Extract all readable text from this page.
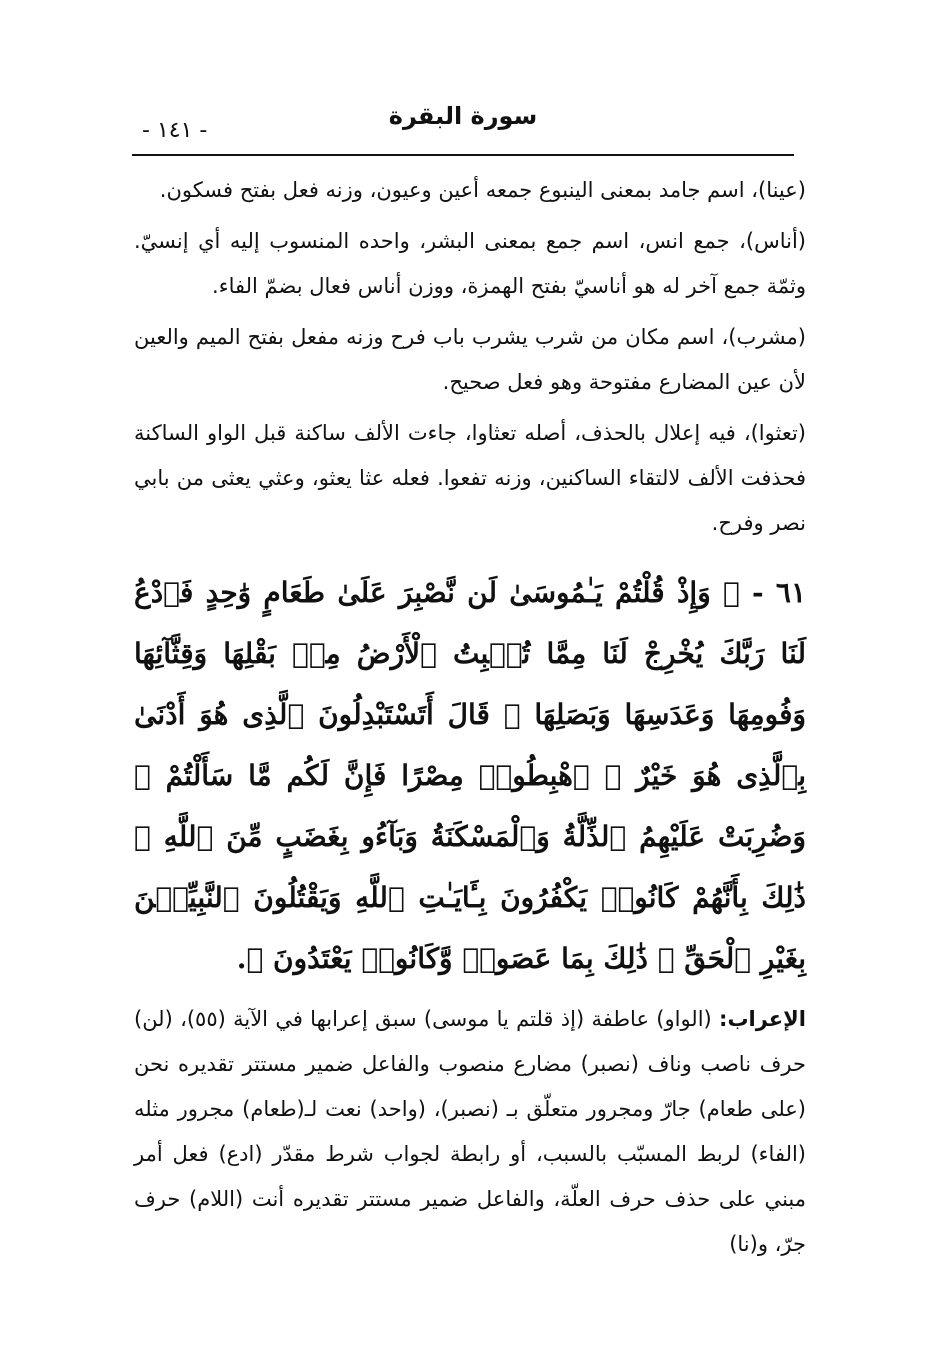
- ١٤١ -
سورة البقرة

(عينا)، اسم جامد بمعنى الينبوع جمعه أعين وعيون، وزنه فعل بفتح فسكون.

(أناس)، جمع انس، اسم جمع بمعنى البشر، واحده المنسوب إليه أي إنسيّ. وثمّة جمع آخر له هو أناسيّ بفتح الهمزة، ووزن أناس فعال بضمّ الفاء.

(مشرب)، اسم مكان من شرب يشرب باب فرح وزنه مفعل بفتح الميم والعين لأن عين المضارع مفتوحة وهو فعل صحيح.

(تعثوا)، فيه إعلال بالحذف، أصله تعثاوا، جاءت الألف ساكنة قبل الواو الساكنة فحذفت الألف لالتقاء الساكنين، وزنه تفعوا. فعله عثا يعثو، وعثي يعثى من بابي نصر وفرح.

٦١ - ﴿ وَإِذْ قُلْتُمْ يَـٰمُوسَىٰ لَن نَّصْبِرَ عَلَىٰ طَعَامٍ وَٰحِدٍ فَٱدْعُ لَنَا رَبَّكَ يُخْرِجْ لَنَا مِمَّا تُنۢبِتُ ٱلْأَرْضُ مِنۢ بَقْلِهَا وَقِثَّآئِهَا وَفُومِهَا وَعَدَسِهَا وَبَصَلِهَا ۖ قَالَ أَتَسْتَبْدِلُونَ ٱلَّذِى هُوَ أَدْنَىٰ بِٱلَّذِى هُوَ خَيْرٌ ۚ ٱهْبِطُوا۟ مِصْرًا فَإِنَّ لَكُم مَّا سَأَلْتُمْ ۗ وَضُرِبَتْ عَلَيْهِمُ ٱلذِّلَّةُ وَٱلْمَسْكَنَةُ وَبَآءُو بِغَضَبٍ مِّنَ ٱللَّهِ ۗ ذَٰلِكَ بِأَنَّهُمْ كَانُوا۟ يَكْفُرُونَ بِـَٔايَـٰتِ ٱللَّهِ وَيَقْتُلُونَ ٱلنَّبِيِّـۧنَ بِغَيْرِ ٱلْحَقِّ ۗ ذَٰلِكَ بِمَا عَصَوا۟ وَّكَانُوا۟ يَعْتَدُونَ ﴾.

الإعراب: (الواو) عاطفة (إذ قلتم يا موسى) سبق إعرابها في الآية (٥٥)، (لن) حرف ناصب وناف (نصبر) مضارع منصوب والفاعل ضمير مستتر تقديره نحن (على طعام) جارّ ومجرور متعلّق بـ (نصبر)، (واحد) نعت لـ(طعام) مجرور مثله (الفاء) لربط المسبّب بالسبب، أو رابطة لجواب شرط مقدّر (ادع) فعل أمر مبني على حذف حرف العلّة، والفاعل ضمير مستتر تقديره أنت (اللام) حرف جرّ، و(نا)
